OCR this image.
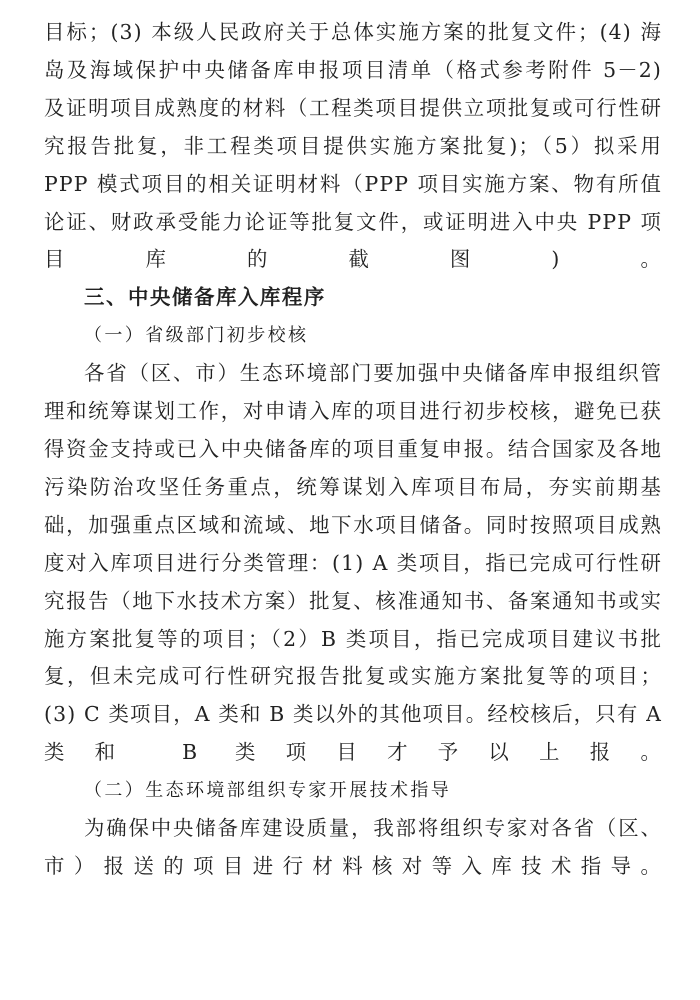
目标；(3) 本级人民政府关于总体实施方案的批复文件；(4) 海
岛及海域保护中央储备库申报项目清单（格式参考附件 5－2)
及证明项目成熟度的材料（工程类项目提供立项批复或可行性研
究报告批复，非工程类项目提供实施方案批复)；（5）拟采用
PPP 模式项目的相关证明材料（PPP 项目实施方案、物有所值
论证、财政承受能力论证等批复文件，或证明进入中央 PPP 项
目库的截图)。
三、中央储备库入库程序
（一）省级部门初步校核
各省（区、市）生态环境部门要加强中央储备库申报组织管
理和统筹谋划工作，对申请入库的项目进行初步校核，避免已获
得资金支持或已入中央储备库的项目重复申报。结合国家及各地
污染防治攻坚任务重点，统筹谋划入库项目布局，夯实前期基
础，加强重点区域和流域、地下水项目储备。同时按照项目成熟
度对入库项目进行分类管理：(1) A 类项目，指已完成可行性研
究报告（地下水技术方案）批复、核准通知书、备案通知书或实
施方案批复等的项目；（2）B 类项目，指已完成项目建议书批
复，但未完成可行性研究报告批复或实施方案批复等的项目；
(3) C 类项目，A 类和 B 类以外的其他项目。经校核后，只有 A
类和 B 类项目才予以上报。
（二）生态环境部组织专家开展技术指导
为确保中央储备库建设质量，我部将组织专家对各省（区、
市）报送的项目进行材料核对等入库技术指导。
